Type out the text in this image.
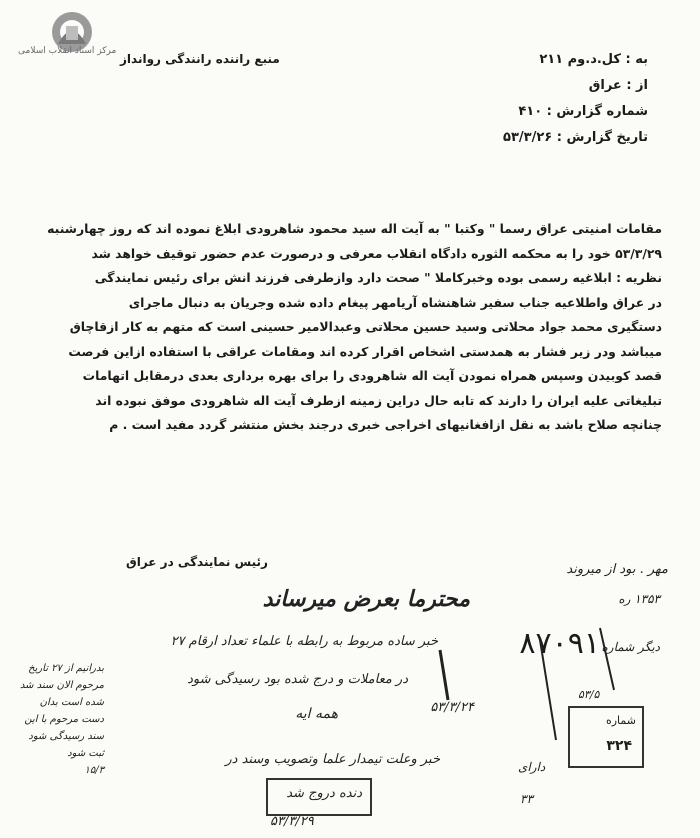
مرکز اسناد انقلاب اسلامی
منبع راننده رانندگی روانداز	به : کل.د.وم ۲۱۱
از : عراق
شماره گزارش : ۴۱۰
تاریخ گزارش : ۵۳/۳/۲۶
مقامات امنیتی عراق رسما " وکتبا " به آیت اله سید محمود شاهرودی ابلاغ نموده اند که روز چهارشنبه
۵۳/۳/۲۹ خود را به محکمه الثوره دادگاه انقلاب معرفی و درصورت عدم حضور توقیف خواهد شد
نظریه : ابلاغیه رسمی بوده وخبرکاملا " صحت دارد وازطرفی فرزند انش برای رئیس نمایندگی
در عراق واطلاعیه جناب سفیر شاهنشاه آریامهر پیغام داده شده وجریان به دنبال ماجرای
دستگیری محمد جواد محلاتی وسید حسین محلاتی وعبدالامیر حسینی است که متهم به کار ازقاچاق
میباشد ودر زیر فشار به همدستی اشخاص اقرار کرده اند ومقامات عراقی با استفاده ازاین فرصت
قصد کوبیدن وسپس همراه نمودن آیت اله شاهرودی را برای بهره برداری بعدی درمقابل اتهامات
تبلیغاتی علیه ایران را دارند که تابه حال دراین زمینه ازطرف آیت اله شاهرودی موفق نبوده اند
چنانچه صلاح باشد به نقل ازافغانیهای اخراجی خبری درجند بخش منتشر گردد مفید است . م
رئیس نمایندگی در عراق	مهر . بود از میروند
۱۳۵۳ ره
محترما بعرض میرساند
دیگر شماره
۸۷۰۹۱
خبر ساده مربوط به رابطه با علماء تعداد ارقام ۲۷
در معاملات و درج شده بود رسیدگی شود
همه ایه	۵۳/۳/۲۴
خبر وعلت تیمدار علما وتصویب وسند در
بدرانیم از ۲۷ تاریخ
مرحوم الان سند شد
شده است بدان
دست مرحوم با این
سند رسیدگی شود
ثبت شود
۱۵/۳
شماره
۳۲۴
۵۳/۵
دنده دروج شد
۵۳/۳/۲۹
دارای
۳۳
